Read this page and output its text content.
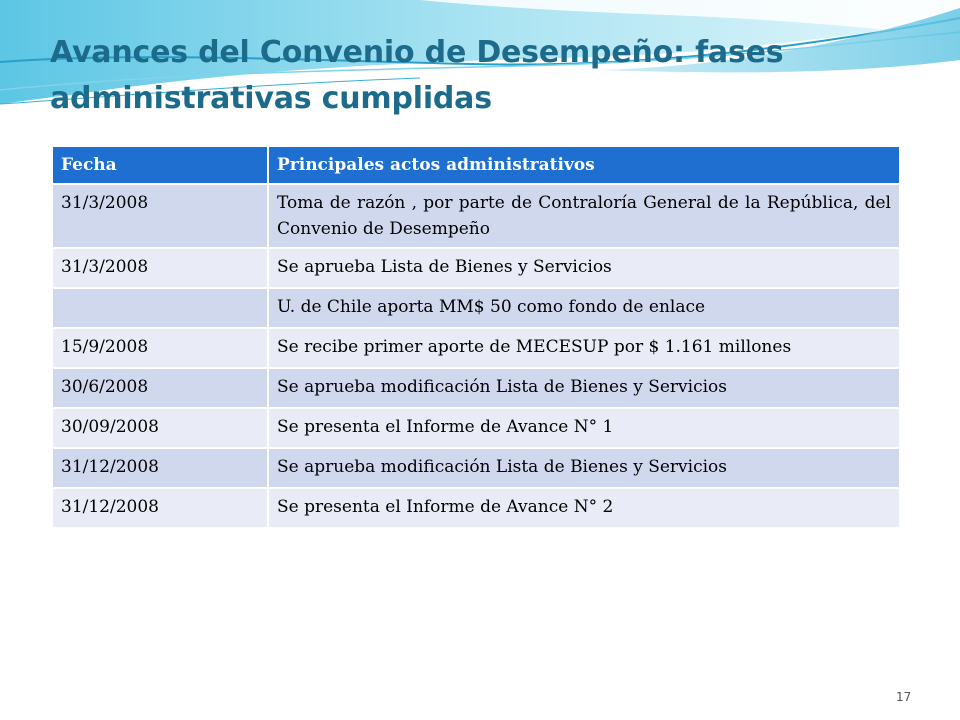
Avances del Convenio de Desempeño: fases administrativas cumplidas
Fecha	Principales actos administrativos
31/3/2008	Toma de razón , por parte de Contraloría General de la República, del Convenio de Desempeño
31/3/2008	Se aprueba Lista de Bienes y Servicios
	U. de Chile aporta MM$ 50 como fondo de enlace
15/9/2008	Se recibe primer aporte de MECESUP por $ 1.161 millones
30/6/2008	Se aprueba modificación Lista de Bienes y Servicios
30/09/2008	Se presenta el Informe de Avance N° 1
31/12/2008	Se aprueba modificación Lista de Bienes y Servicios
31/12/2008	Se presenta el Informe de Avance N° 2
17
